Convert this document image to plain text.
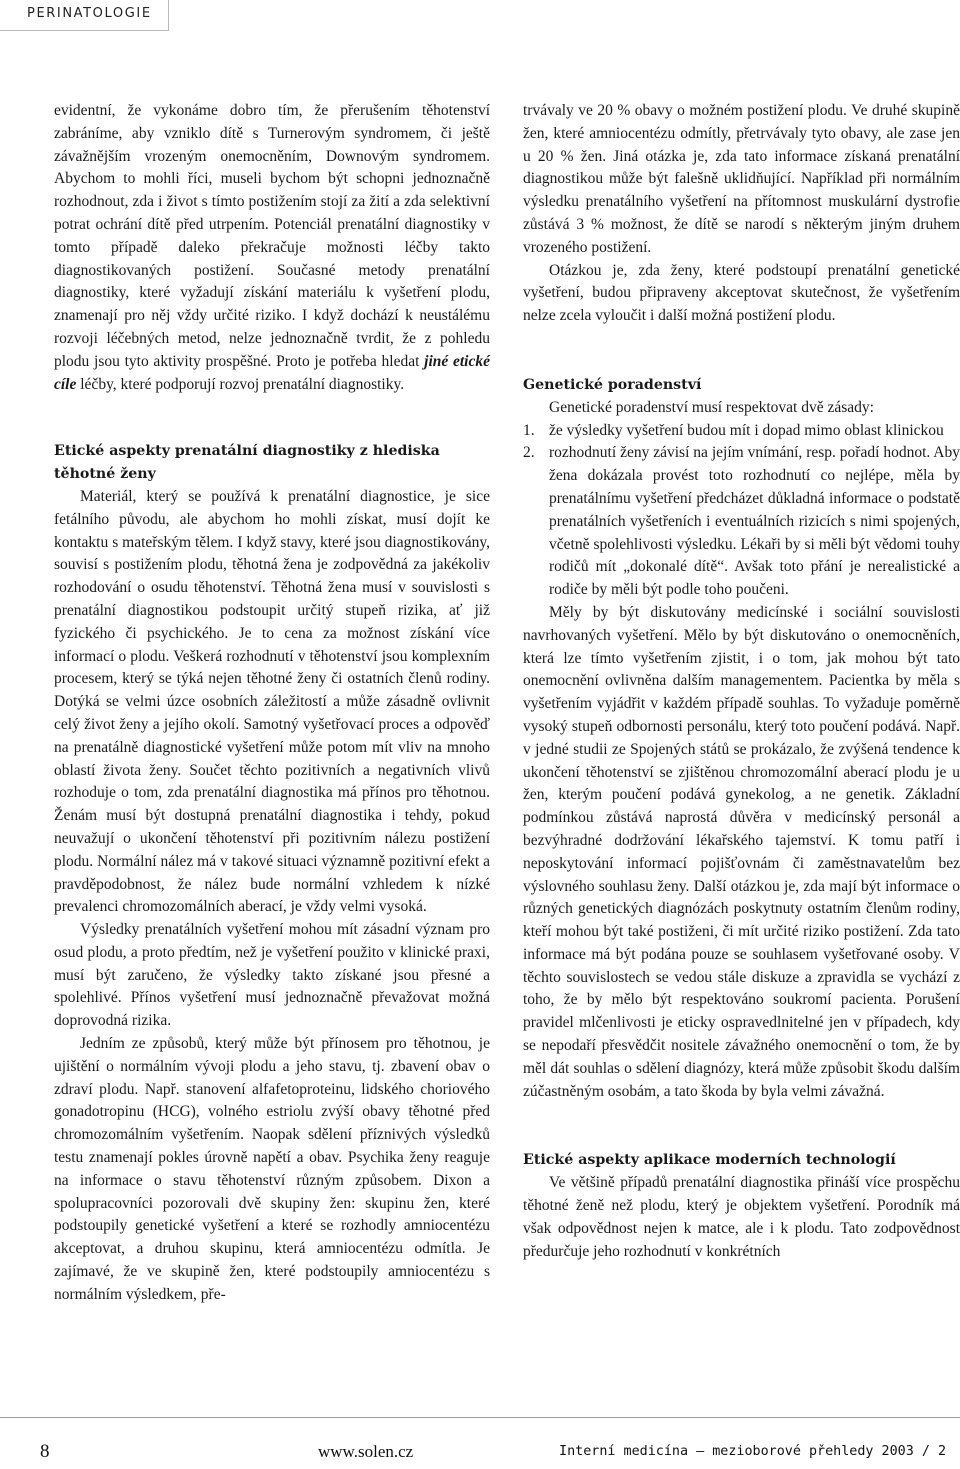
PERINATOLOGIE

evidentní, že vykonáme dobro tím, že přerušením těhotenství zabráníme, aby vzniklo dítě s Turnerovým syndromem, či ještě závažnějším vrozeným onemocněním, Downovým syndromem. Abychom to mohli říci, museli bychom být schopni jednoznačně rozhodnout, zda i život s tímto postižením stojí za žití a zda selektivní potrat ochrání dítě před utrpením. Potenciál prenatální diagnostiky v tomto případě daleko překračuje možnosti léčby takto diagnostikovaných postižení. Současné metody prenatální diagnostiky, které vyžadují získání materiálu k vyšetření plodu, znamenají pro něj vždy určité riziko. I když dochází k neustálému rozvoji léčebných metod, nelze jednoznačně tvrdit, že z pohledu plodu jsou tyto aktivity prospěšné. Proto je potřeba hledat jiné etické cíle léčby, které podporují rozvoj prenatální diagnostiky.

Etické aspekty prenatální diagnostiky z hlediska těhotné ženy

Materiál, který se používá k prenatální diagnostice, je sice fetálního původu, ale abychom ho mohli získat, musí dojít ke kontaktu s mateřským tělem. I když stavy, které jsou diagnostikovány, souvisí s postižením plodu, těhotná žena je zodpovědná za jakékoliv rozhodování o osudu těhotenství. Těhotná žena musí v souvislosti s prenatální diagnostikou podstoupit určitý stupeň rizika, ať již fyzického či psychického. Je to cena za možnost získání více informací o plodu. Veškerá rozhodnutí v těhotenství jsou komplexním procesem, který se týká nejen těhotné ženy či ostatních členů rodiny. Dotýká se velmi úzce osobních záležitostí a může zásadně ovlivnit celý život ženy a jejího okolí. Samotný vyšetřovací proces a odpověď na prenatálně diagnostické vyšetření může potom mít vliv na mnoho oblastí života ženy. Součet těchto pozitivních a negativních vlivů rozhoduje o tom, zda prenatální diagnostika má přínos pro těhotnou. Ženám musí být dostupná prenatální diagnostika i tehdy, pokud neuvažují o ukončení těhotenství při pozitivním nálezu postižení plodu. Normální nález má v takové situaci významně pozitivní efekt a pravděpodobnost, že nález bude normální vzhledem k nízké prevalenci chromozomálních aberací, je vždy velmi vysoká.

Výsledky prenatálních vyšetření mohou mít zásadní význam pro osud plodu, a proto předtím, než je vyšetření použito v klinické praxi, musí být zaručeno, že výsledky takto získané jsou přesné a spolehlivé. Přínos vyšetření musí jednoznačně převažovat možná doprovodná rizika.

Jedním ze způsobů, který může být přínosem pro těhotnou, je ujištění o normálním vývoji plodu a jeho stavu, tj. zbavení obav o zdraví plodu. Např. stanovení alfafetoproteinu, lidského choriového gonadotropinu (HCG), volného estriolu zvýší obavy těhotné před chromozomálním vyšetřením. Naopak sdělení příznivých výsledků testu znamenají pokles úrovně napětí a obav. Psychika ženy reaguje na informace o stavu těhotenství různým způsobem. Dixon a spolupracovníci pozorovali dvě skupiny žen: skupinu žen, které podstoupily genetické vyšetření a které se rozhodly amniocentézu akceptovat, a druhou skupinu, která amniocentézu odmítla. Je zajímavé, že ve skupině žen, které podstoupily amniocentézu s normálním výsledkem, pře-

trvávaly ve 20 % obavy o možném postižení plodu. Ve druhé skupině žen, které amniocentézu odmítly, přetrvávaly tyto obavy, ale zase jen u 20 % žen. Jiná otázka je, zda tato informace získaná prenatální diagnostikou může být falešně uklidňující. Například při normálním výsledku prenatálního vyšetření na přítomnost muskulární dystrofie zůstává 3 % možnost, že dítě se narodí s některým jiným druhem vrozeného postižení.

Otázkou je, zda ženy, které podstoupí prenatální genetické vyšetření, budou připraveny akceptovat skutečnost, že vyšetřením nelze zcela vyloučit i další možná postižení plodu.

Genetické poradenství

Genetické poradenství musí respektovat dvě zásady:

1. že výsledky vyšetření budou mít i dopad mimo oblast klinickou
2. rozhodnutí ženy závisí na jejím vnímání, resp. pořadí hodnot. Aby žena dokázala provést toto rozhodnutí co nejlépe, měla by prenatálnímu vyšetření předcházet důkladná informace o podstatě prenatálních vyšetřeních i eventuálních rizicích s nimi spojených, včetně spolehlivosti výsledku. Lékaři by si měli být vědomi touhy rodičů mít „dokonalé dítě“. Avšak toto přání je nerealistické a rodiče by měli být podle toho poučeni.

Měly by být diskutovány medicínské i sociální souvislosti navrhovaných vyšetření. Mělo by být diskutováno o onemocněních, která lze tímto vyšetřením zjistit, i o tom, jak mohou být tato onemocnění ovlivněna dalším managementem. Pacientka by měla s vyšetřením vyjádřit v každém případě souhlas. To vyžaduje poměrně vysoký stupeň odbornosti personálu, který toto poučení podává. Např. v jedné studii ze Spojených států se prokázalo, že zvýšená tendence k ukončení těhotenství se zjištěnou chromozomální aberací plodu je u žen, kterým poučení podává gynekolog, a ne genetik. Základní podmínkou zůstává naprostá důvěra v medicínský personál a bezvýhradné dodržování lékařského tajemství. K tomu patří i neposkytování informací pojišťovnám či zaměstnavatelům bez výslovného souhlasu ženy. Další otázkou je, zda mají být informace o různých genetických diagnózách poskytnuty ostatním členům rodiny, kteří mohou být také postiženi, či mít určité riziko postižení. Zda tato informace má být podána pouze se souhlasem vyšetřované osoby. V těchto souvislostech se vedou stále diskuze a zpravidla se vychází z toho, že by mělo být respektováno soukromí pacienta. Porušení pravidel mlčenlivosti je eticky ospravedlnitelné jen v případech, kdy se nepodaří přesvědčit nositele závažného onemocnění o tom, že by měl dát souhlas o sdělení diagnózy, která může způsobit škodu dalším zúčastněným osobám, a tato škoda by byla velmi závažná.

Etické aspekty aplikace moderních technologií

Ve většině případů prenatální diagnostika přináší více prospěchu těhotné ženě než plodu, který je objektem vyšetření. Porodník má však odpovědnost nejen k matce, ale i k plodu. Tato zodpovědnost předurčuje jeho rozhodnutí v konkrétních

8	www.solen.cz	Interní medicína – mezioborové přehledy 2003 / 2
